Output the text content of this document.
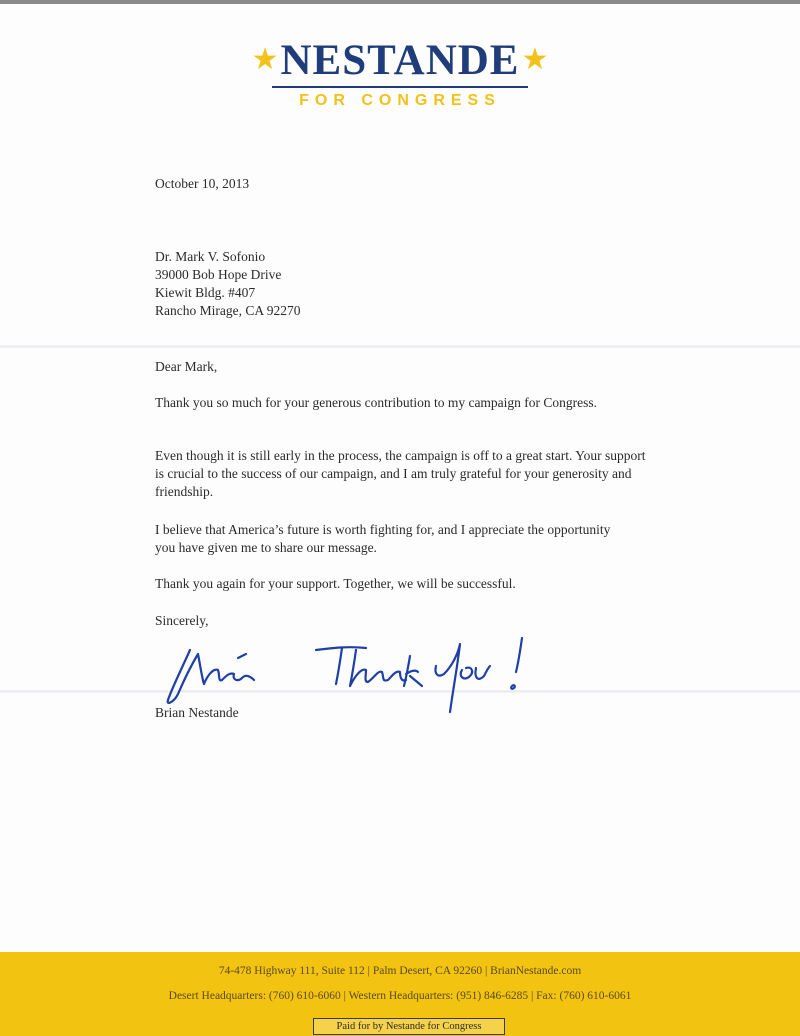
★ NESTANDE ★
FOR CONGRESS
October 10, 2013
Dr. Mark V. Sofonio
39000 Bob Hope Drive
Kiewit Bldg. #407
Rancho Mirage, CA 92270
Dear Mark,
Thank you so much for your generous contribution to my campaign for Congress.
Even though it is still early in the process, the campaign is off to a great start. Your support is crucial to the success of our campaign, and I am truly grateful for your generosity and friendship.
I believe that America’s future is worth fighting for, and I appreciate the opportunity you have given me to share our message.
Thank you again for your support. Together, we will be successful.
Sincerely,
Brian Nestande
74-478 Highway 111, Suite 112 | Palm Desert, CA 92260 | BrianNestande.com
Desert Headquarters: (760) 610-6060 | Western Headquarters: (951) 846-6285 | Fax: (760) 610-6061
Paid for by Nestande for Congress
